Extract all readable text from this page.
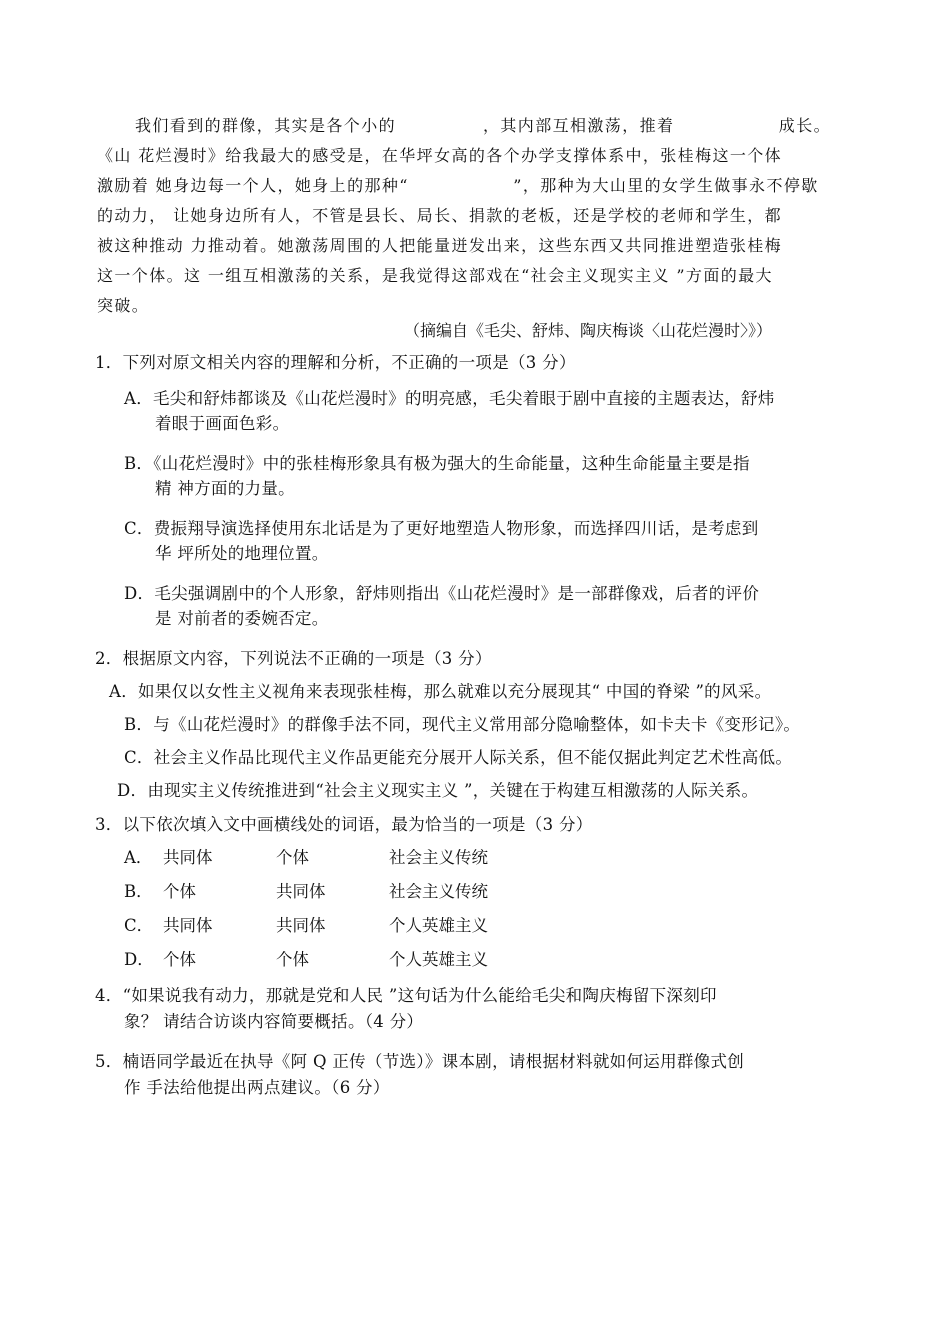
我们看到的群像，其实是各个小的　　　　　，其内部互相激荡，推着　　　　　　成长。
《山 花烂漫时》给我最大的感受是，在华坪女高的各个办学支撑体系中，张桂梅这一个体
激励着 她身边每一个人，她身上的那种“　　　　　　”，那种为大山里的女学生做事永不停歇
的动力， 让她身边所有人，不管是县长、局长、捐款的老板，还是学校的老师和学生，都
被这种推动 力推动着。她激荡周围的人把能量迸发出来，这些东西又共同推进塑造张桂梅
这一个体。这 一组互相激荡的关系，是我觉得这部戏在“社会主义现实主义 ”方面的最大
突破。
（摘编自《毛尖、舒炜、陶庆梅谈〈山花烂漫时〉》）
1．下列对原文相关内容的理解和分析，不正确的一项是（3 分）
A．毛尖和舒炜都谈及《山花烂漫时》的明亮感，毛尖着眼于剧中直接的主题表达，舒炜
着眼于画面色彩。
B．《山花烂漫时》中的张桂梅形象具有极为强大的生命能量，这种生命能量主要是指
精 神方面的力量。
C．费振翔导演选择使用东北话是为了更好地塑造人物形象，而选择四川话，是考虑到
华 坪所处的地理位置。
D．毛尖强调剧中的个人形象，舒炜则指出《山花烂漫时》是一部群像戏，后者的评价
是 对前者的委婉否定。
2．根据原文内容，下列说法不正确的一项是（3 分）
A．如果仅以女性主义视角来表现张桂梅，那么就难以充分展现其“ 中国的脊梁 ”的风采。
B．与《山花烂漫时》的群像手法不同，现代主义常用部分隐喻整体，如卡夫卡《变形记》。
C．社会主义作品比现代主义作品更能充分展开人际关系，但不能仅据此判定艺术性高低。
D．由现实主义传统推进到“社会主义现实主义 ”，关键在于构建互相激荡的人际关系。
3．以下依次填入文中画横线处的词语，最为恰当的一项是（3 分）
A． 共同体	个体	社会主义传统
B． 个体	共同体	社会主义传统
C． 共同体	共同体	个人英雄主义
D． 个体	个体	个人英雄主义
4．“如果说我有动力，那就是党和人民 ”这句话为什么能给毛尖和陶庆梅留下深刻印
象？ 请结合访谈内容简要概括。（4 分）
5．楠语同学最近在执导《阿 Q 正传（节选）》课本剧，请根据材料就如何运用群像式创
作 手法给他提出两点建议。（6 分）
